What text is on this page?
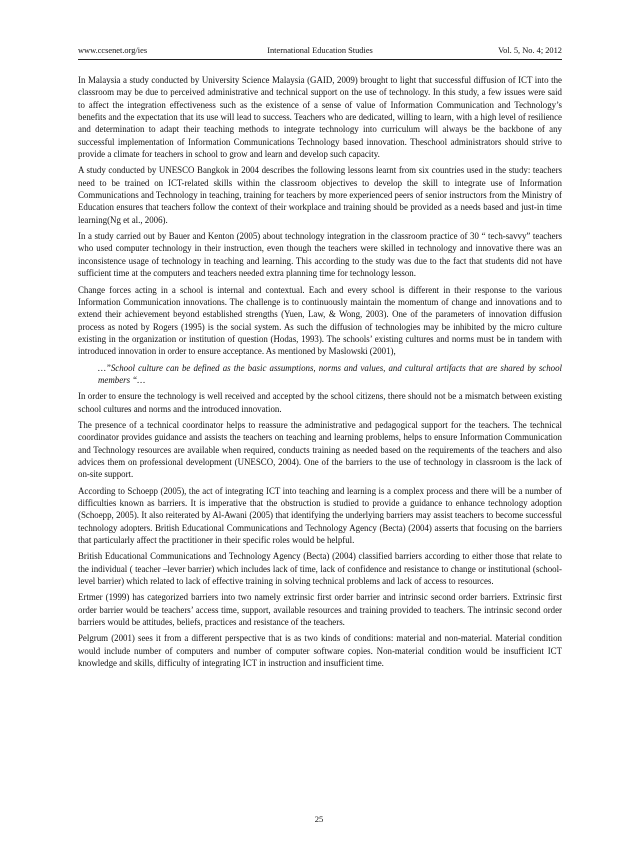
International Education Studies
www.ccsenet.org/ies	Vol. 5, No. 4; 2012

In Malaysia a study conducted by University Science Malaysia (GAID, 2009) brought to light that successful diffusion of ICT into the classroom may be due to perceived administrative and technical support on the use of technology. In this study, a few issues were said to affect the integration effectiveness such as the existence of a sense of value of Information Communication and Technology’s benefits and the expectation that its use will lead to success. Teachers who are dedicated, willing to learn, with a high level of resilience and determination to adapt their teaching methods to integrate technology into curriculum will always be the backbone of any successful implementation of Information Communications Technology based innovation. Theschool administrators should strive to provide a climate for teachers in school to grow and learn and develop such capacity.

A study conducted by UNESCO Bangkok in 2004 describes the following lessons learnt from six countries used in the study: teachers need to be trained on ICT-related skills within the classroom objectives to develop the skill to integrate use of Information Communications and Technology in teaching, training for teachers by more experienced peers of senior instructors from the Ministry of Education ensures that teachers follow the context of their workplace and training should be provided as a needs based and just-in time learning(Ng et al., 2006).

In a study carried out by Bauer and Kenton (2005) about technology integration in the classroom practice of 30 “ tech-savvy” teachers who used computer technology in their instruction, even though the teachers were skilled in technology and innovative there was an inconsistence usage of technology in teaching and learning. This according to the study was due to the fact that students did not have sufficient time at the computers and teachers needed extra planning time for technology lesson.

Change forces acting in a school is internal and contextual. Each and every school is different in their response to the various Information Communication innovations. The challenge is to continuously maintain the momentum of change and innovations and to extend their achievement beyond established strengths (Yuen, Law, & Wong, 2003). One of the parameters of innovation diffusion process as noted by Rogers (1995) is the social system. As such the diffusion of technologies may be inhibited by the micro culture existing in the organization or institution of question (Hodas, 1993). The schools’ existing cultures and norms must be in tandem with introduced innovation in order to ensure acceptance. As mentioned by Maslowski (2001),

…”School culture can be defined as the basic assumptions, norms and values, and cultural artifacts that are shared by school members “…

In order to ensure the technology is well received and accepted by the school citizens, there should not be a mismatch between existing school cultures and norms and the introduced innovation.

The presence of a technical coordinator helps to reassure the administrative and pedagogical support for the teachers. The technical coordinator provides guidance and assists the teachers on teaching and learning problems, helps to ensure Information Communication and Technology resources are available when required, conducts training as needed based on the requirements of the teachers and also advices them on professional development (UNESCO, 2004). One of the barriers to the use of technology in classroom is the lack of on-site support.

According to Schoepp (2005), the act of integrating ICT into teaching and learning is a complex process and there will be a number of difficulties known as barriers. It is imperative that the obstruction is studied to provide a guidance to enhance technology adoption (Schoepp, 2005). It also reiterated by Al-Awani (2005) that identifying the underlying barriers may assist teachers to become successful technology adopters. British Educational Communications and Technology Agency (Becta) (2004) asserts that focusing on the barriers that particularly affect the practitioner in their specific roles would be helpful.

British Educational Communications and Technology Agency (Becta) (2004) classified barriers according to either those that relate to the individual ( teacher –lever barrier) which includes lack of time, lack of confidence and resistance to change or institutional (school-level barrier) which related to lack of effective training in solving technical problems and lack of access to resources.

Ertmer (1999) has categorized barriers into two namely extrinsic first order barrier and intrinsic second order barriers. Extrinsic first order barrier would be teachers’ access time, support, available resources and training provided to teachers. The intrinsic second order barriers would be attitudes, beliefs, practices and resistance of the teachers.

Pelgrum (2001) sees it from a different perspective that is as two kinds of conditions: material and non-material. Material condition would include number of computers and number of computer software copies. Non-material condition would be insufficient ICT knowledge and skills, difficulty of integrating ICT in instruction and insufficient time.

25
